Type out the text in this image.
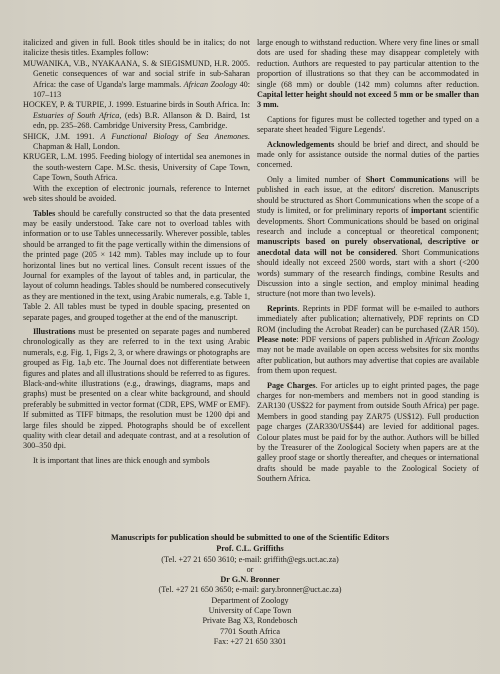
italicized and given in full. Book titles should be in italics; do not italicize thesis titles. Examples follow:

MUWANIKA, V.B., NYAKAANA, S. & SIEGISMUND, H.R. 2005. Genetic consequences of war and social strife in sub-Saharan Africa: the case of Uganda's large mammals. African Zoology 40: 107–113

HOCKEY, P. & TURPIE, J. 1999. Estuarine birds in South Africa. In: Estuaries of South Africa, (eds) B.R. Allanson & D. Baird, 1st edn, pp. 235–268. Cambridge University Press, Cambridge.

SHICK, J.M. 1991. A Functional Biology of Sea Anemones. Chapman & Hall, London.

KRUGER, L.M. 1995. Feeding biology of intertidal sea anemones in the south-western Cape. M.Sc. thesis, University of Cape Town, Cape Town, South Africa.

With the exception of electronic journals, reference to Internet web sites should be avoided.

Tables should be carefully constructed so that the data presented may be easily understood. Take care not to overload tables with information or to use Tables unnecessarily. Wherever possible, tables should be arranged to fit the page vertically within the dimensions of the printed page (205 × 142 mm). Tables may include up to four horizontal lines but no vertical lines. Consult recent issues of the Journal for examples of the layout of tables and, in particular, the layout of column headings. Tables should be numbered consecutively as they are mentioned in the text, using Arabic numerals, e.g. Table 1, Table 2. All tables must be typed in double spacing, presented on separate pages, and grouped together at the end of the manuscript.

Illustrations must be presented on separate pages and numbered chronologically as they are referred to in the text using Arabic numerals, e.g. Fig. 1, Figs 2, 3, or where drawings or photographs are grouped as Fig. 1a,b etc. The Journal does not differentiate between figures and plates and all illustrations should be referred to as figures. Black-and-white illustrations (e.g., drawings, diagrams, maps and graphs) must be presented on a clear white background, and should preferably be submitted in vector format (CDR, EPS, WMF or EMF). If submitted as TIFF bitmaps, the resolution must be 1200 dpi and large files should be zipped. Photographs should be of excellent quality with clear detail and adequate contrast, and at a resolution of 300–350 dpi.

It is important that lines are thick enough and symbols

large enough to withstand reduction. Where very fine lines or small dots are used for shading these may disappear completely with reduction. Authors are requested to pay particular attention to the proportion of illustrations so that they can be accommodated in single (68 mm) or double (142 mm) columns after reduction. Capital letter height should not exceed 5 mm or be smaller than 3 mm.

Captions for figures must be collected together and typed on a separate sheet headed 'Figure Legends'.

Acknowledgements should be brief and direct, and should be made only for assistance outside the normal duties of the parties concerned.

Only a limited number of Short Communications will be published in each issue, at the editors' discretion. Manuscripts should be structured as Short Communications when the scope of a study is limited, or for preliminary reports of important scientific developments. Short Communications should be based on original research and include a conceptual or theoretical component; manuscripts based on purely observational, descriptive or anecdotal data will not be considered. Short Communications should ideally not exceed 2500 words, start with a short (<200 words) summary of the research findings, combine Results and Discussion into a single section, and employ minimal heading structure (not more than two levels).

Reprints. Reprints in PDF format will be e-mailed to authors immediately after publication; alternatively, PDF reprints on CD ROM (including the Acrobat Reader) can be purchased (ZAR 150). Please note: PDF versions of papers published in African Zoology may not be made available on open access websites for six months after publication, but authors may advertise that copies are available from them upon request.

Page Charges. For articles up to eight printed pages, the page charges for non-members and members not in good standing is ZAR130 (US$22 for payment from outside South Africa) per page. Members in good standing pay ZAR75 (US$12). Full production page charges (ZAR330/US$44) are levied for additional pages. Colour plates must be paid for by the author. Authors will be billed by the Treasurer of the Zoological Society when papers are at the galley proof stage or shortly thereafter, and cheques or international drafts should be made payable to the Zoological Society of Southern Africa.

Manuscripts for publication should be submitted to one of the Scientific Editors
Prof. C.L. Griffiths
(Tel. +27 21 650 3610; e-mail: griffith@egs.uct.ac.za)
or
Dr G.N. Bronner
(Tel. +27 21 650 3650; e-mail: gary.bronner@uct.ac.za)
Department of Zoology
University of Cape Town
Private Bag X3, Rondebosch
7701 South Africa
Fax: +27 21 650 3301
